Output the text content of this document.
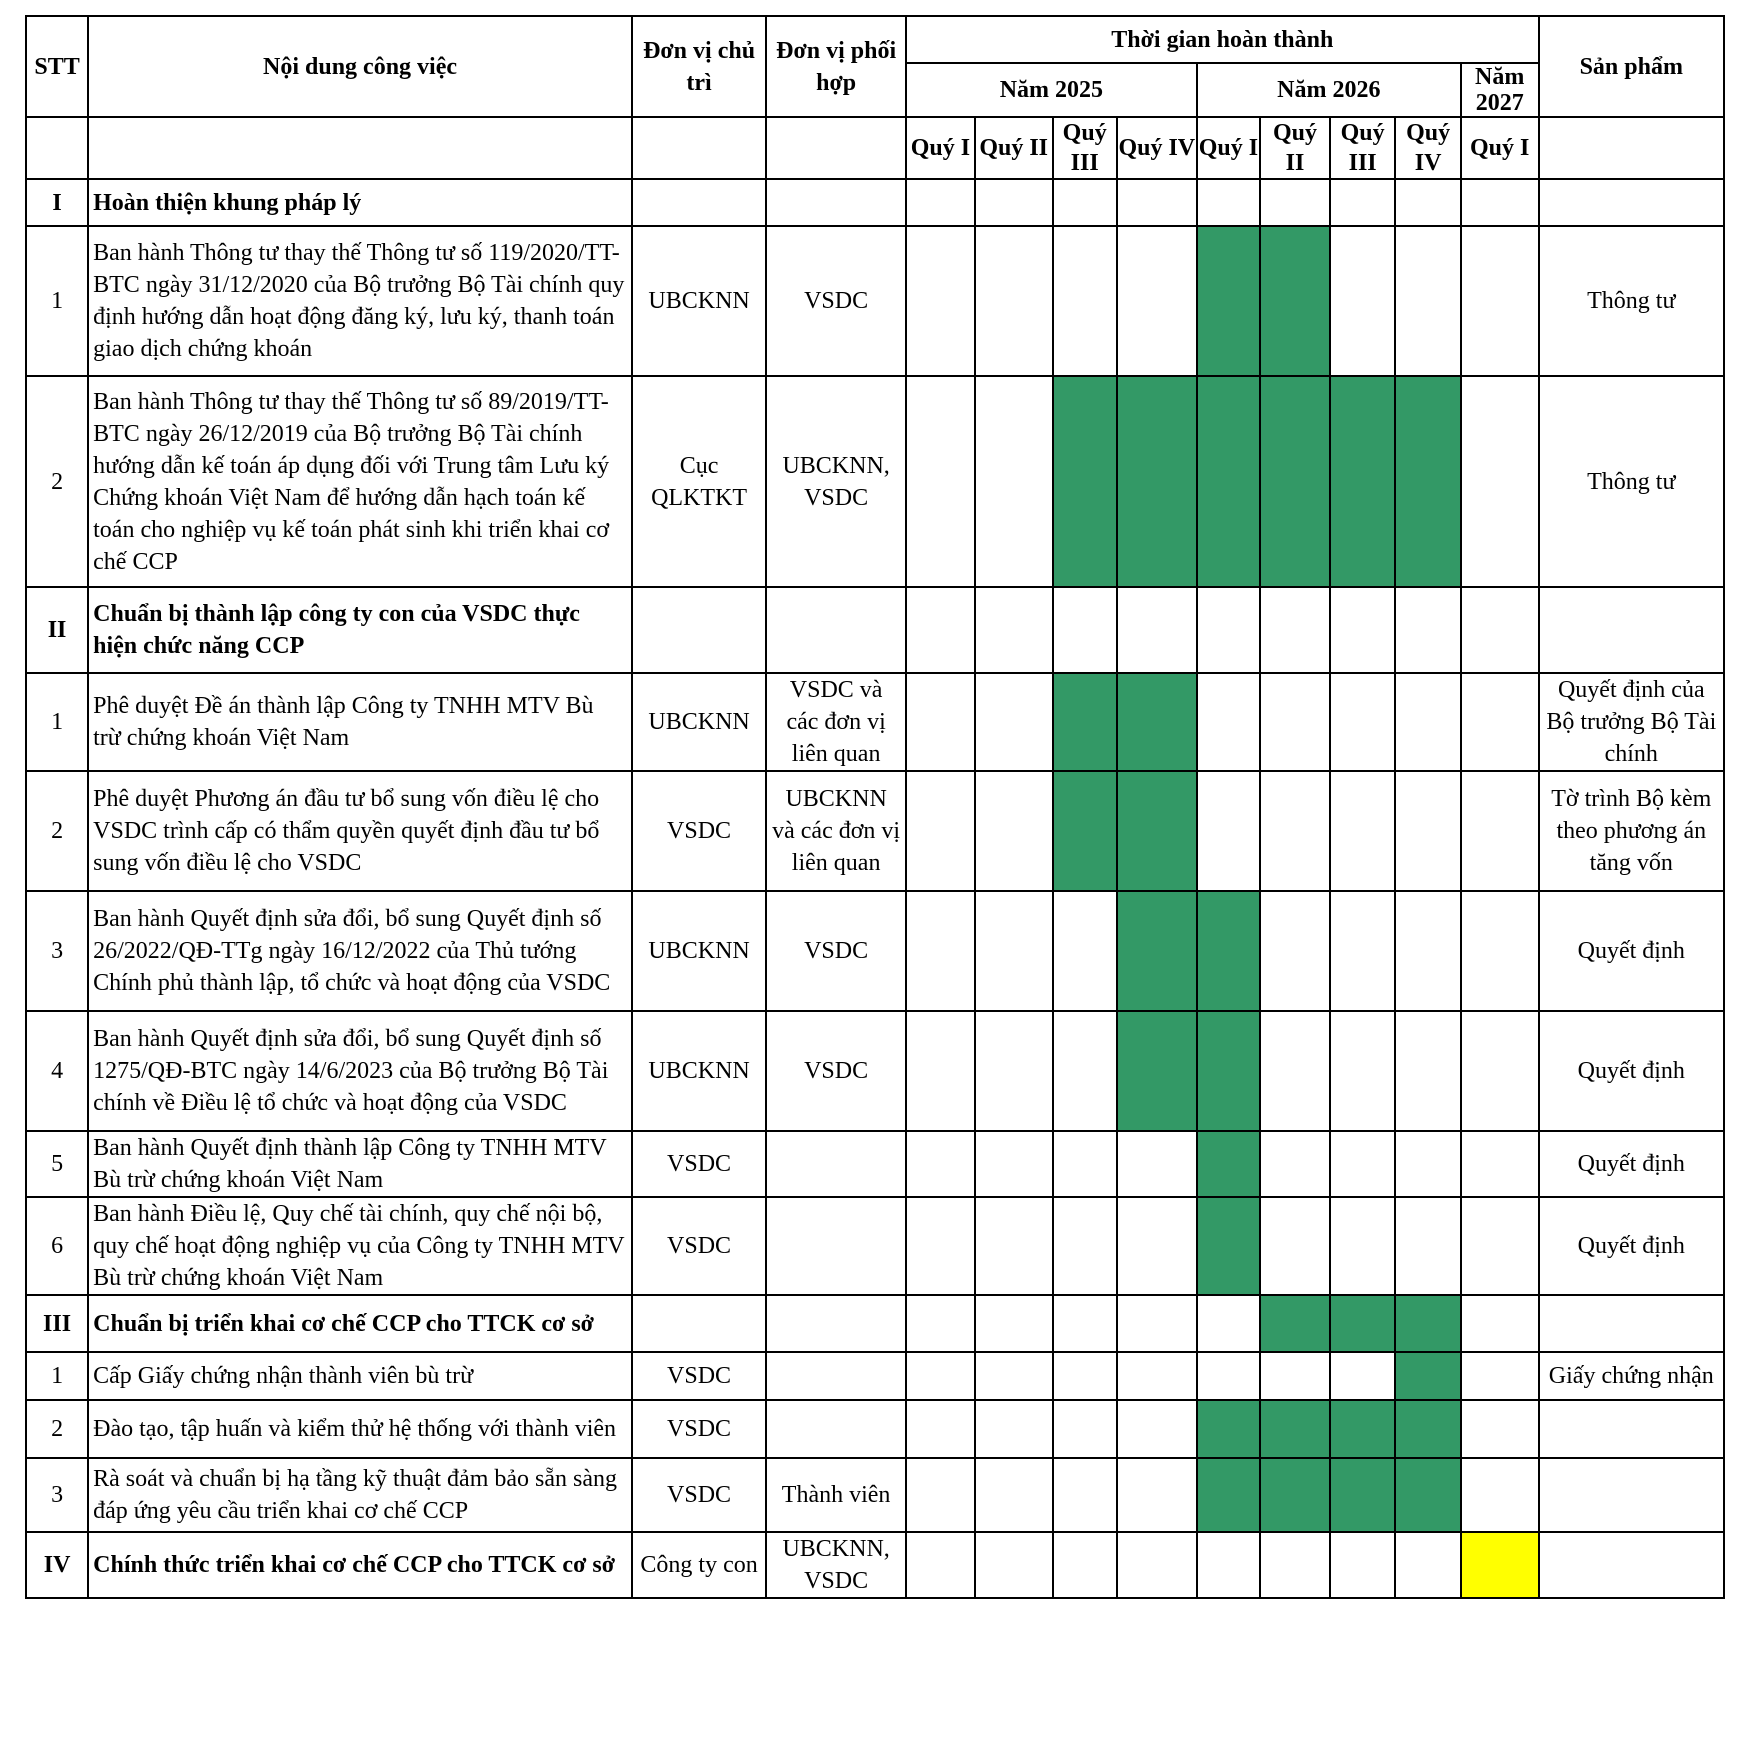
STT	Nội dung công việc	Đơn vị chủ trì	Đơn vị phối hợp	Thời gian hoàn thành									Sản phẩm
				Năm 2025				Năm 2026				Năm 2027	
				Quý I	Quý II	Quý III	Quý IV	Quý I	Quý II	Quý III	Quý IV	Quý I	
I	Hoàn thiện khung pháp lý												
1	Ban hành Thông tư thay thế Thông tư số 119/2020/TT-BTC ngày 31/12/2020 của Bộ trưởng Bộ Tài chính quy định hướng dẫn hoạt động đăng ký, lưu ký, thanh toán giao dịch chứng khoán	UBCKNN	VSDC										Thông tư
2	Ban hành Thông tư thay thế Thông tư số 89/2019/TT-BTC ngày 26/12/2019 của Bộ trưởng Bộ Tài chính hướng dẫn kế toán áp dụng đối với Trung tâm Lưu ký Chứng khoán Việt Nam để hướng dẫn hạch toán kế toán cho nghiệp vụ kế toán phát sinh khi triển khai cơ chế CCP	Cục QLKTKT	UBCKNN, VSDC										Thông tư
II	Chuẩn bị thành lập công ty con của VSDC thực hiện chức năng CCP												
1	Phê duyệt Đề án thành lập Công ty TNHH MTV Bù trừ chứng khoán Việt Nam	UBCKNN	VSDC và các đơn vị liên quan										Quyết định của Bộ trưởng Bộ Tài chính
2	Phê duyệt Phương án đầu tư bổ sung vốn điều lệ cho VSDC trình cấp có thẩm quyền quyết định đầu tư bổ sung vốn điều lệ cho VSDC	VSDC	UBCKNN và các đơn vị liên quan										Tờ trình Bộ kèm theo phương án tăng vốn
3	Ban hành Quyết định sửa đổi, bổ sung Quyết định số 26/2022/QĐ-TTg ngày 16/12/2022 của Thủ tướng Chính phủ thành lập, tổ chức và hoạt động của VSDC	UBCKNN	VSDC										Quyết định
4	Ban hành Quyết định sửa đổi, bổ sung Quyết định số 1275/QĐ-BTC ngày 14/6/2023 của Bộ trưởng Bộ Tài chính về Điều lệ tổ chức và hoạt động của VSDC	UBCKNN	VSDC										Quyết định
5	Ban hành Quyết định thành lập Công ty TNHH MTV Bù trừ chứng khoán Việt Nam	VSDC											Quyết định
6	Ban hành Điều lệ, Quy chế tài chính, quy chế nội bộ, quy chế hoạt động nghiệp vụ của Công ty TNHH MTV Bù trừ chứng khoán Việt Nam	VSDC											Quyết định
III	Chuẩn bị triển khai cơ chế CCP cho TTCK cơ sở												
1	Cấp Giấy chứng nhận thành viên bù trừ	VSDC											Giấy chứng nhận
2	Đào tạo, tập huấn và kiểm thử hệ thống với thành viên	VSDC											
3	Rà soát và chuẩn bị hạ tầng kỹ thuật đảm bảo sẵn sàng đáp ứng yêu cầu triển khai cơ chế CCP	VSDC	Thành viên										
IV	Chính thức triển khai cơ chế CCP cho TTCK cơ sở	Công ty con	UBCKNN, VSDC										
